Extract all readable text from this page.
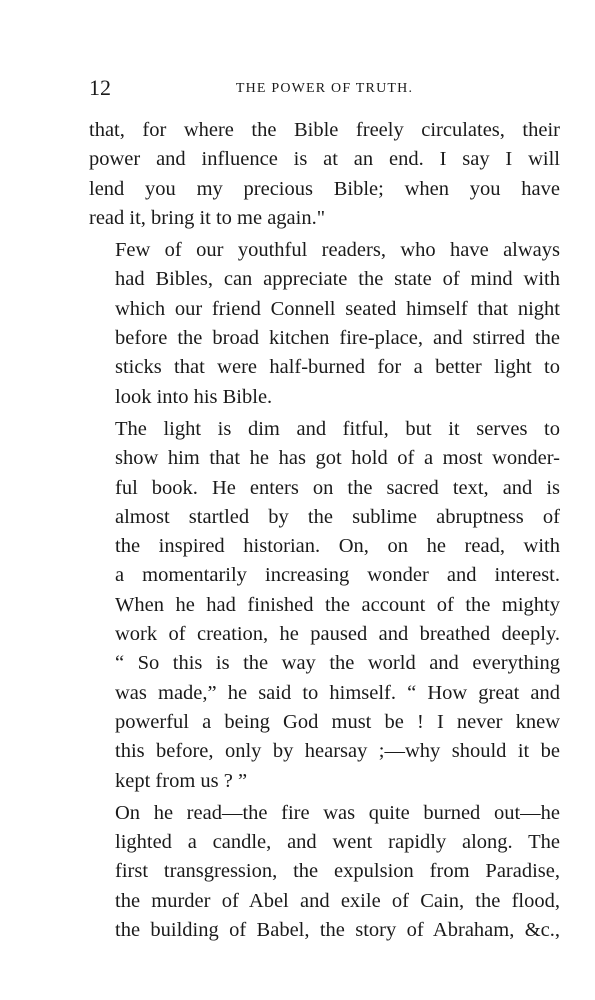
12	THE POWER OF TRUTH.

that, for where the Bible freely circulates, their
power and influence is at an end. I say I will
lend you my precious Bible; when you have
read it, bring it to me again."

Few of our youthful readers, who have always
had Bibles, can appreciate the state of mind with
which our friend Connell seated himself that night
before the broad kitchen fire-place, and stirred the
sticks that were half-burned for a better light to
look into his Bible.

The light is dim and fitful, but it serves to
show him that he has got hold of a most wonder-
ful book. He enters on the sacred text, and is
almost startled by the sublime abruptness of
the inspired historian. On, on he read, with
a momentarily increasing wonder and interest.
When he had finished the account of the mighty
work of creation, he paused and breathed deeply.
“ So this is the way the world and everything
was made,” he said to himself. “ How great and
powerful a being God must be ! I never knew
this before, only by hearsay ;—why should it be
kept from us ? ”

On he read—the fire was quite burned out—he
lighted a candle, and went rapidly along. The
first transgression, the expulsion from Paradise,
the murder of Abel and exile of Cain, the flood,
the building of Babel, the story of Abraham, &c.,
